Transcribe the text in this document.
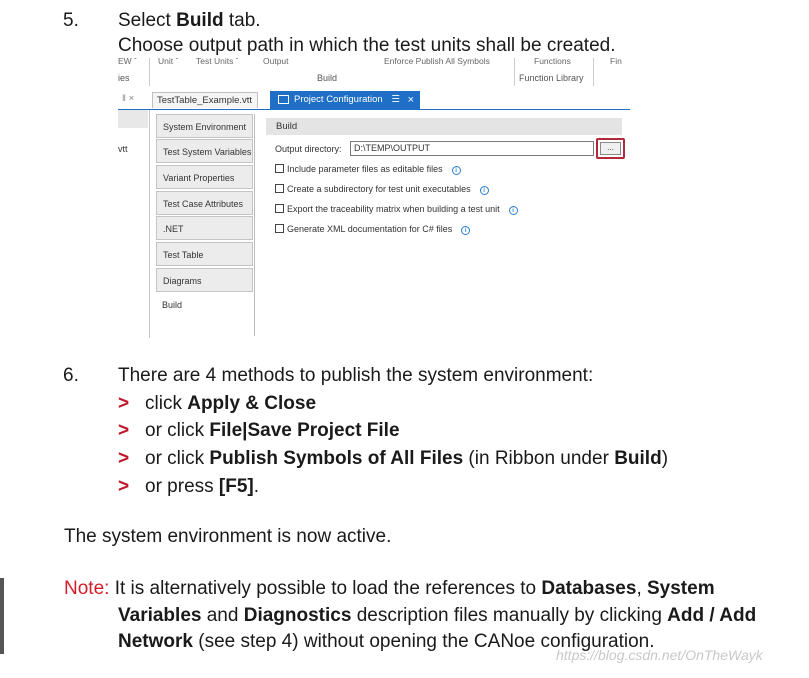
5. Select Build tab.
Choose output path in which the test units shall be created.
EW ˇ Unit ˇ Test Units ˇ	Output	Enforce Publish All Symbols	Functions	Fin
ies	Build	Function Library
‖ ×	TestTable_Example.vtt	Project Configuration ☰ ×
vtt
System Environment
Test System Variables
Variant Properties
Test Case Attributes
.NET
Test Table
Diagrams
Build
Build
Output directory:	D:\TEMP\OUTPUT	...
Include parameter files as editable files i
Create a subdirectory for test unit executables i
Export the traceability matrix when building a test unit i
Generate XML documentation for C# files i
6. There are 4 methods to publish the system environment:
> click Apply & Close
> or click File|Save Project File
> or click Publish Symbols of All Files (in Ribbon under Build)
> or press [F5].
The system environment is now active.
Note: It is alternatively possible to load the references to Databases, System
Variables and Diagnostics description files manually by clicking Add / Add
Network (see step 4) without opening the CANoe configuration.
https://blog.csdn.net/OnTheWayk
